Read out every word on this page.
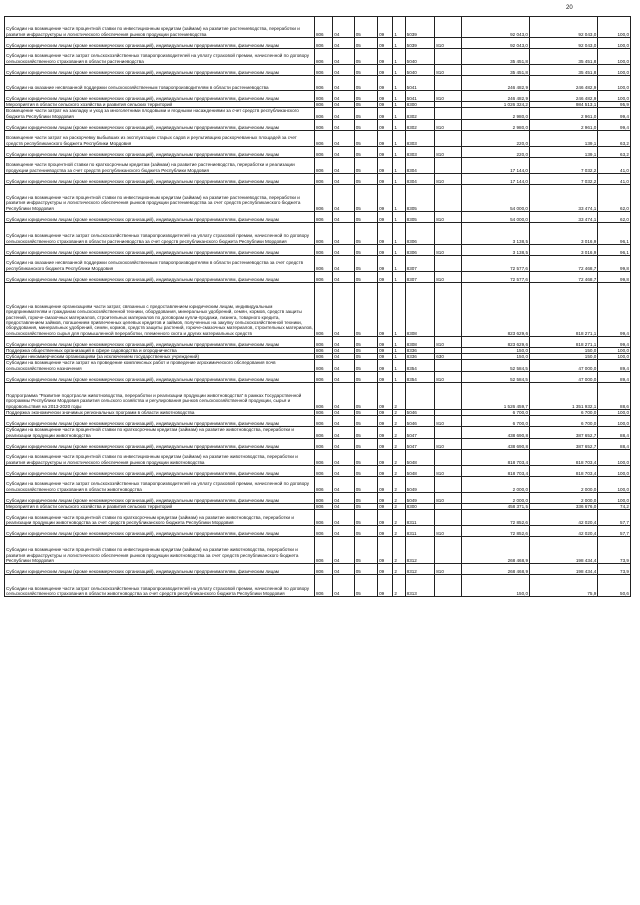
20
Субсидии на возмещение части процентной ставки по инвестиционным кредитам (займам) на развитие растениеводства, переработки и развития инфраструктуры и логистического обеспечения рынков продукции растениеводства	806	04	05	09	1	5039		92 043,0	92 043,0	100,0
Субсидии юридическим лицам (кроме некоммерческих организаций), индивидуальным предпринимателям, физическим лицам	806	04	05	09	1	5039	810	92 043,0	92 043,0	100,0
Субсидии на возмещение части затрат сельскохозяйственных товаропроизводителей на уплату страховой премии, начисленной по договору сельскохозяйственного страхования в области растениеводства	806	04	05	09	1	5040		35 451,8	35 451,8	100,0
Субсидии юридическим лицам (кроме некоммерческих организаций), индивидуальным предпринимателям, физическим лицам	806	04	05	09	1	5040	810	35 451,8	35 451,8	100,0
Субсидии на оказание несвязанной поддержки сельскохозяйственным товаропроизводителям в области растениеводства	806	04	05	09	1	5041		246 482,9	246 482,9	100,0
Субсидии юридическим лицам (кроме некоммерческих организаций), индивидуальным предпринимателям, физическим лицам	806	04	05	09	1	5041	810	246 482,9	246 482,9	100,0
Мероприятия в области сельского хозяйства и развития сельских территорий	806	04	05	09	1	8300		1 026 324,2	984 513,1	95,9
Возмещение части затрат на закладку и уход за многолетними плодовыми и ягодными насаждениями за счет средств республиканского бюджета Республики Мордовия	806	04	05	09	1	8302		2 980,0	2 961,0	99,4
Субсидии юридическим лицам (кроме некоммерческих организаций), индивидуальным предпринимателям, физическим лицам	806	04	05	09	1	8302	810	2 980,0	2 961,0	99,4
Возмещение части затрат на раскорчевку выбывших из эксплуатации старых садов и реультивацию раскорчеванных площадей за счет средств республиканского бюджета Республики Мордовия	806	04	05	09	1	8303		220,0	139,1	63,2
Субсидии юридическим лицам (кроме некоммерческих организаций), индивидуальным предпринимателям, физическим лицам	806	04	05	09	1	8303	810	220,0	139,1	63,2
Возмещение части процентной ставки по краткосрочным кредитам (займам) на развитие растениеводства, переработки и реализации продукции растениеводства за счет средств республиканского бюджета Республики Мордовия	806	04	05	09	1	8304		17 144,0	7 032,2	41,0
Субсидии юридическим лицам (кроме некоммерческих организаций), индивидуальным предпринимателям, физическим лицам	806	04	05	09	1	8304	810	17 144,0	7 032,2	41,0
Субсидии на возмещение части процентной ставки по инвестиционным кредитам (займам) на развитие растениеводства, переработки и развития инфраструктуры и логистического обеспечения рынков продукции растениеводства за счет средств республиканского бюджета Республики Мордовия	806	04	05	09	1	8305		54 000,0	33 474,1	62,0
Субсидии юридическим лицам (кроме некоммерческих организаций), индивидуальным предпринимателям, физическим лицам	806	04	05	09	1	8305	810	54 000,0	33 474,1	62,0
Субсидии на возмещение части затрат сельскохозяйственных товаропроизводителей на уплату страховой премии, начисленной по договору сельскохозяйственного страхования в области растениеводства за счет средств республиканского бюджета Республики Мордовия	806	04	05	09	1	8306		3 138,5	3 016,9	96,1
Субсидии юридическим лицам (кроме некоммерческих организаций), индивидуальным предпринимателям, физическим лицам	806	04	05	09	1	8306	810	3 138,5	3 016,9	96,1
Субсидии на оказание несвязанной поддержки сельскохозяйственным товаропроизводителям в области растениеводства за счет средств республиканского бюджета Республики Мордовия	806	04	05	09	1	8307		72 577,6	72 468,7	99,8
Субсидии юридическим лицам (кроме некоммерческих организаций), индивидуальным предпринимателям, физическим лицам	806	04	05	09	1	8307	810	72 577,6	72 468,7	99,8
Субсидии на возмещение организациям части затрат, связанных с предоставлением юридическим лицам, индивидуальным предпринимателям и гражданам сельскохозяйственной техники, оборудования, минеральных удобрений, семян, кормов, средств защиты растений, горюче-смазочных материалов, строительных материалов по договорам купли-продажи, лизинга, товарного кредита, предоставлением займов, погашением привлеченных целевых кредитов и займов, полученных на закупку сельскохозяйственной техники, оборудования, минеральных удобрений, семян, кормов, средств защиты растений, горюче-смазочных материалов, строительных материалов, сельскохозяйственного сырья для промышленной переработки, племенного скота и других материальных средств	806	04	05	09	1	8308		823 629,6	818 271,1	99,4
Субсидии юридическим лицам (кроме некоммерческих организаций), индивидуальным предпринимателям, физическим лицам	806	04	05	09	1	8308	810	823 629,6	818 271,1	99,4
Поддержка общественных организаций в сфере садоводства и огородничества	806	04	05	09	1	8336		150,0	150,0	100,0
Субсидии некоммерческим организациям (за исключением государственных учреждений)	806	04	05	09	1	8336	630	150,0	150,0	100,0
Субсидии на возмещение части затрат на проведение комплексных работ и проведение агрохимического обследования почв сельскохозяйственного назначения	806	04	05	09	1	8354		52 584,5	47 000,0	89,4
Субсидии юридическим лицам (кроме некоммерческих организаций), индивидуальным предпринимателям, физическим лицам	806	04	05	09	1	8354	810	52 584,5	47 000,0	89,4
Подпрограмма "Развитие подотрасли животноводства, переработки и реализации продукции животноводства" в рамках Государственной программы Республики Мордовия развития сельского хозяйства и регулирования рынков сельскохозяйственной продукции, сырья и продовольствия на 2013-2020 годы	806	04	05	09	2			1 526 459,7	1 351 932,1	88,6
Поддержка экономически значимых региональных программ в области животноводства	806	04	05	09	2	5046		6 700,0	6 700,0	100,0
Субсидии юридическим лицам (кроме некоммерческих организаций), индивидуальным предпринимателям, физическим лицам	806	04	05	09	2	5046	810	6 700,0	6 700,0	100,0
Субсидии на возмещение части процентной ставки по краткосрочным кредитам (займам) на развитие животноводства, переработки и реализации продукции животноводства	806	04	05	09	2	5047		438 690,8	387 652,7	88,4
Субсидии юридическим лицам (кроме некоммерческих организаций), индивидуальным предпринимателям, физическим лицам	806	04	05	09	2	5047	810	438 690,8	387 652,7	88,4
Субсидии на возмещение части процентной ставки по инвестиционным кредитам (займам) на развитие животноводства, переработки и развития инфраструктуры и логистического обеспечения рынков продукции животноводства	806	04	05	09	2	5048		818 703,4	818 703,4	100,0
Субсидии юридическим лицам (кроме некоммерческих организаций), индивидуальным предпринимателям, физическим лицам	806	04	05	09	2	5048	810	818 703,4	818 703,4	100,0
Субсидии на возмещение части затрат сельскохозяйственных товаропроизводителей на уплату страховой премии, начисленной по договору сельскохозяйственного страхования в области животноводства	806	04	05	09	2	5049		2 000,0	2 000,0	100,0
Субсидии юридическим лицам (кроме некоммерческих организаций), индивидуальным предпринимателям, физическим лицам	806	04	05	09	2	5049	810	2 000,0	2 000,0	100,0
Мероприятия в области сельского хозяйства и развития сельских территорий	806	04	05	09	2	8300		458 371,5	336 676,0	74,2
Субсидии на возмещение части процентной ставки по краткосрочным кредитам (займам) на развитие животноводства, переработки и реализации продукции животноводства за счет средств республиканского бюджета Республики Мордовия	806	04	05	09	2	8311		72 852,6	42 020,4	57,7
Субсидии юридическим лицам (кроме некоммерческих организаций), индивидуальным предпринимателям, физическим лицам	806	04	05	09	2	8311	810	72 852,6	42 020,4	57,7
Субсидии на возмещение части процентной ставки по инвестиционным кредитам (займам) на развитие животноводства, переработки и развития инфраструктуры и логистического обеспечения рынков продукции животноводства за счет средств республиканского бюджета Республики Мордовия	806	04	05	09	2	8312		268 468,9	198 434,4	73,9
Субсидии юридическим лицам (кроме некоммерческих организаций), индивидуальным предпринимателям, физическим лицам	806	04	05	09	2	8312	810	268 468,9	198 434,4	73,9
Субсидии на возмещение части затрат сельскохозяйственных товаропроизводителей на уплату страховой премии, начисленной по договору сельскохозяйственного страхования в области животноводства за счет средств республиканского бюджета Республики Мордовия	806	04	05	09	2	8313		150,0	75,9	50,6
